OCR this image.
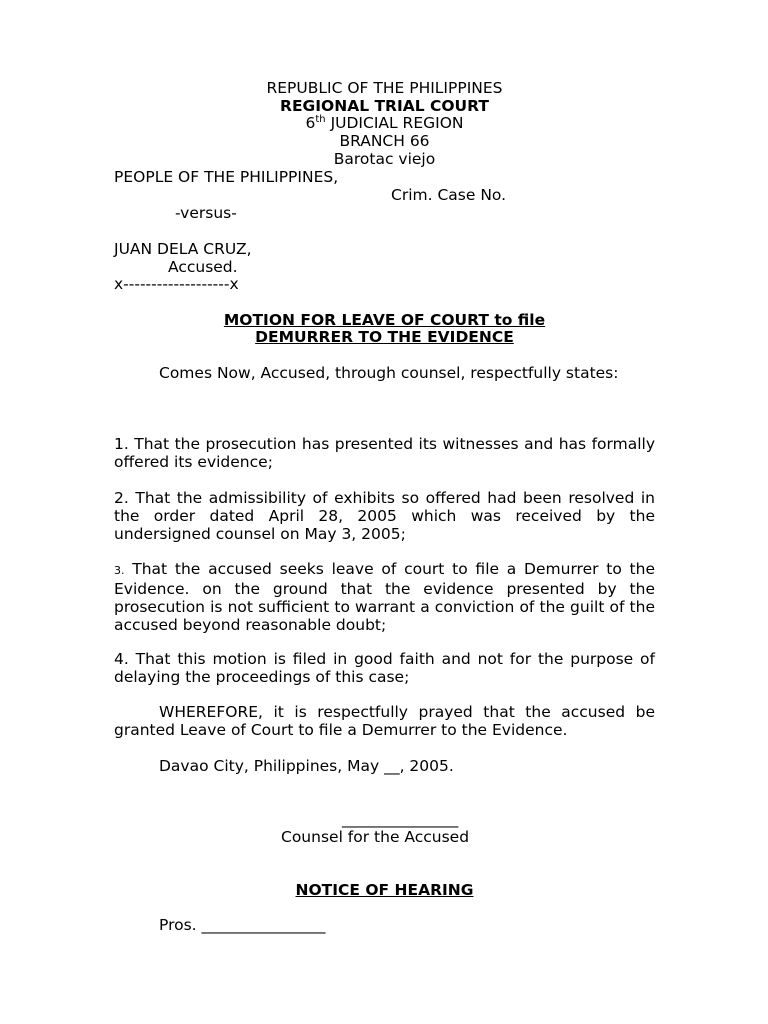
REPUBLIC OF THE PHILIPPINES
REGIONAL TRIAL COURT
6th JUDICIAL REGION
BRANCH 66
Barotac viejo
PEOPLE OF THE PHILIPPINES,
Crim. Case No.
-versus-
JUAN DELA CRUZ,
Accused.
x-------------------x
MOTION FOR LEAVE OF COURT to file
DEMURRER TO THE EVIDENCE
Comes Now, Accused, through counsel, respectfully states:
1. That the prosecution has presented its witnesses and has formally offered its evidence;
2. That the admissibility of exhibits so offered had been resolved in the order dated April 28, 2005 which was received by the undersigned counsel on May 3, 2005;
3. That the accused seeks leave of court to file a Demurrer to the Evidence. on the ground that the evidence presented by the prosecution is not sufficient to warrant a conviction of the guilt of the accused beyond reasonable doubt;
4. That this motion is filed in good faith and not for the purpose of delaying the proceedings of this case;
WHEREFORE, it is respectfully prayed that the accused be granted Leave of Court to file a Demurrer to the Evidence.
Davao City, Philippines, May __, 2005.
_______________
Counsel for the Accused
NOTICE OF HEARING
Pros. ________________
